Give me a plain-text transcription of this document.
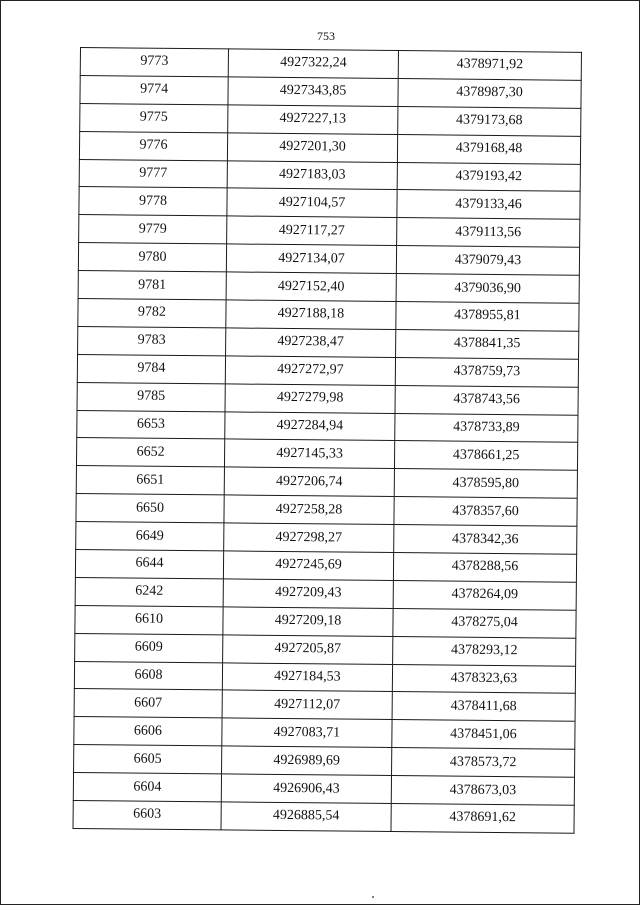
753
9773	4927322,24	4378971,92
9774	4927343,85	4378987,30
9775	4927227,13	4379173,68
9776	4927201,30	4379168,48
9777	4927183,03	4379193,42
9778	4927104,57	4379133,46
9779	4927117,27	4379113,56
9780	4927134,07	4379079,43
9781	4927152,40	4379036,90
9782	4927188,18	4378955,81
9783	4927238,47	4378841,35
9784	4927272,97	4378759,73
9785	4927279,98	4378743,56
6653	4927284,94	4378733,89
6652	4927145,33	4378661,25
6651	4927206,74	4378595,80
6650	4927258,28	4378357,60
6649	4927298,27	4378342,36
6644	4927245,69	4378288,56
6242	4927209,43	4378264,09
6610	4927209,18	4378275,04
6609	4927205,87	4378293,12
6608	4927184,53	4378323,63
6607	4927112,07	4378411,68
6606	4927083,71	4378451,06
6605	4926989,69	4378573,72
6604	4926906,43	4378673,03
6603	4926885,54	4378691,62
